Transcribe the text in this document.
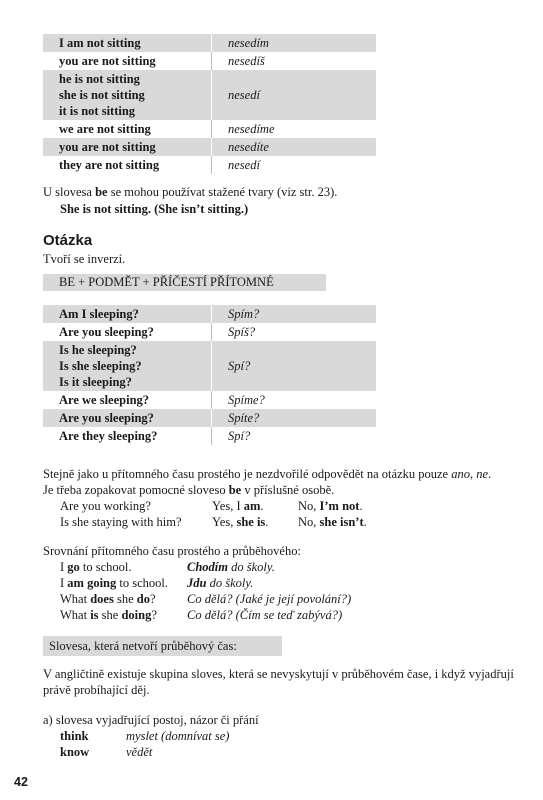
I am not sitting	nesedím

you are not sitting	nesedíš

he is not sitting
she is not sitting
it is not sitting	nesedí

we are not sitting	nesedíme

you are not sitting	nesedíte

they are not sitting	nesedí
U slovesa be se mohou používat stažené tvary (viz str. 23).
She is not sitting. (She isn’t sitting.)
Otázka
Tvoří se inverzí.
BE + PODMĚT + PŘÍČESTÍ PŘÍTOMNÉ
Am I sleeping?	Spím?

Are you sleeping?	Spíš?

Is he sleeping?
Is she sleeping?
Is it sleeping?	Spí?

Are we sleeping?	Spíme?

Are you sleeping?	Spíte?

Are they sleeping?	Spí?
Stejně jako u přítomného času prostého je nezdvořilé odpovědět na otázku pouze ano, ne.
Je třeba zopakovat pomocné sloveso be v příslušné osobě.
Are you working?	Yes, I am.	No, I’m not.
Is she staying with him? Yes, she is. No, she isn’t.
Srovnání přítomného času prostého a průběhového:
I go to school.	Chodím do školy.
I am going to school. Jdu do školy.
What does she do?	Co dělá? (Jaké je její povolání?)
What is she doing? Co dělá? (Čím se teď zabývá?)
Slovesa, která netvoří průběhový čas:
V angličtině existuje skupina sloves, která se nevyskytují v průběhovém čase, i když vyjadřují
právě probíhající děj.
a) slovesa vyjadřující postoj, názor či přání
think	myslet (domnívat se)
know	vědět
42
